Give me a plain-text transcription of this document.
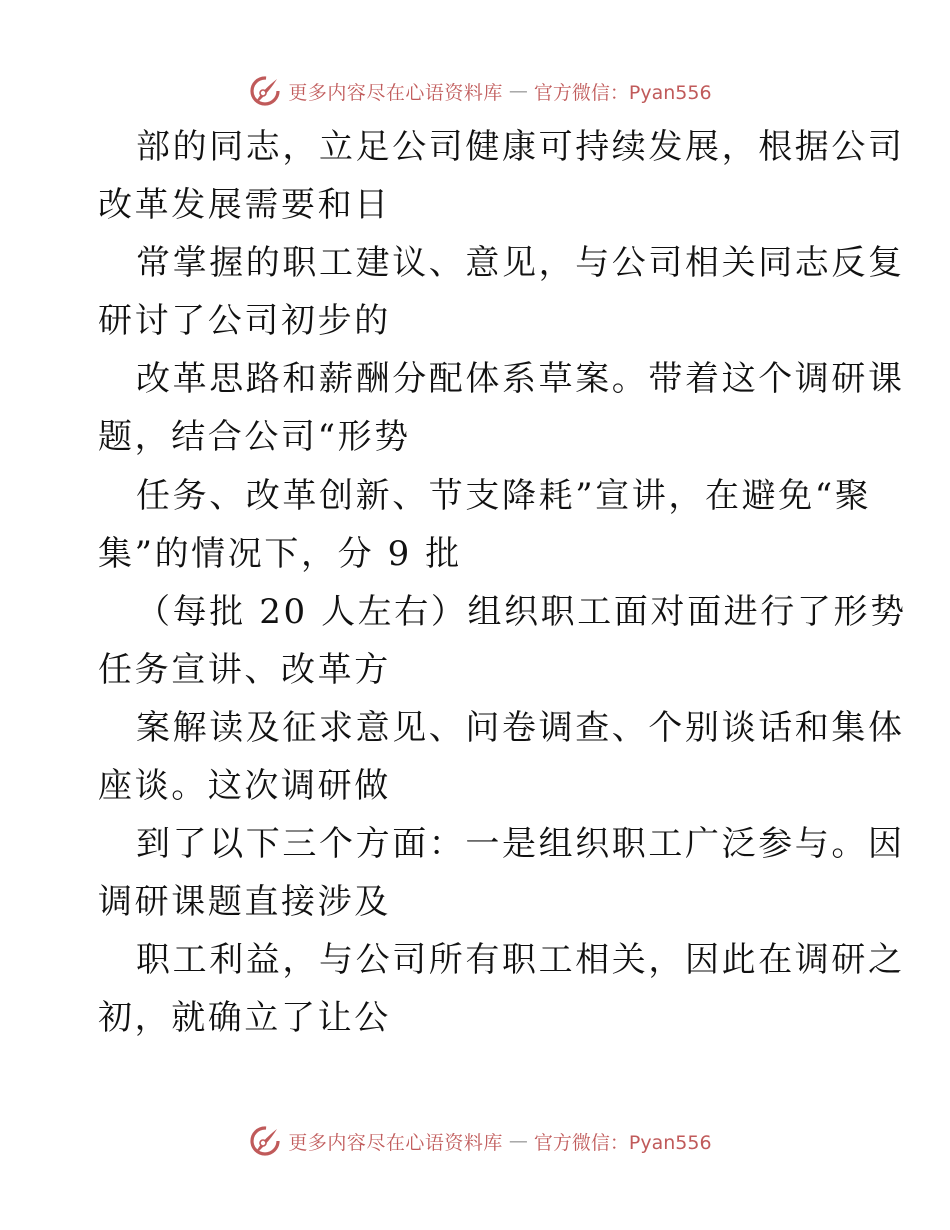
更多内容尽在心语资料库 — 官方微信：Pyan556
部的同志，立足公司健康可持续发展，根据公司
改革发展需要和日
常掌握的职工建议、意见，与公司相关同志反复
研讨了公司初步的
改革思路和薪酬分配体系草案。带着这个调研课
题，结合公司“形势
任务、改革创新、节支降耗”宣讲，在避免“聚
集”的情况下，分 9 批
（每批 20 人左右）组织职工面对面进行了形势
任务宣讲、改革方
案解读及征求意见、问卷调查、个别谈话和集体
座谈。这次调研做
到了以下三个方面：一是组织职工广泛参与。因
调研课题直接涉及
职工利益，与公司所有职工相关，因此在调研之
初，就确立了让公
更多内容尽在心语资料库 — 官方微信：Pyan556
